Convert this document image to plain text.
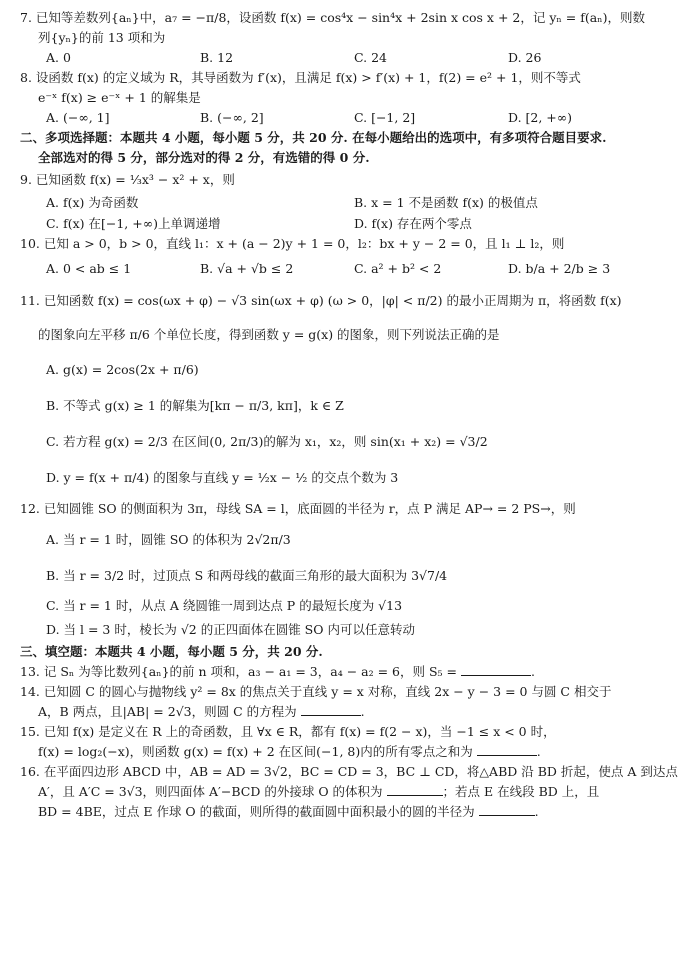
7. 已知等差数列{aₙ}中，a₇ = −π/8，设函数 f(x) = cos⁴x − sin⁴x + 2sin x cos x + 2，记 yₙ = f(aₙ)，则数
列{yₙ}的前 13 项和为
A. 0	B. 12	C. 24	D. 26
8. 设函数 f(x) 的定义域为 R，其导函数为 f′(x)，且满足 f(x) > f′(x) + 1，f(2) = e² + 1，则不等式
e⁻ˣ f(x) ≥ e⁻ˣ + 1 的解集是
A. (−∞, 1]	B. (−∞, 2]	C. [−1, 2]	D. [2, +∞)
二、多项选择题：本题共 4 小题，每小题 5 分，共 20 分. 在每小题给出的选项中，有多项符合题目要求.
全部选对的得 5 分，部分选对的得 2 分，有选错的得 0 分.
9. 已知函数 f(x) = ⅓x³ − x² + x，则
A. f(x) 为奇函数	B. x = 1 不是函数 f(x) 的极值点
C. f(x) 在[−1, +∞)上单调递增	D. f(x) 存在两个零点
10. 已知 a > 0，b > 0，直线 l₁：x + (a − 2)y + 1 = 0，l₂：bx + y − 2 = 0，且 l₁ ⊥ l₂，则
A. 0 < ab ≤ 1	B. √a + √b ≤ 2	C. a² + b² < 2	D. b/a + 2/b ≥ 3
11. 已知函数 f(x) = cos(ωx + φ) − √3 sin(ωx + φ) (ω > 0，|φ| < π/2) 的最小正周期为 π，将函数 f(x)
的图象向左平移 π/6 个单位长度，得到函数 y = g(x) 的图象，则下列说法正确的是
A. g(x) = 2cos(2x + π/6)
B. 不等式 g(x) ≥ 1 的解集为[kπ − π/3, kπ]，k ∈ Z
C. 若方程 g(x) = 2/3 在区间(0, 2π/3)的解为 x₁，x₂，则 sin(x₁ + x₂) = √3/2
D. y = f(x + π/4) 的图象与直线 y = ½x − ½ 的交点个数为 3
12. 已知圆锥 SO 的侧面积为 3π，母线 SA = l，底面圆的半径为 r，点 P 满足 AP→ = 2 PS→，则
A. 当 r = 1 时，圆锥 SO 的体积为 2√2π/3
B. 当 r = 3/2 时，过顶点 S 和两母线的截面三角形的最大面积为 3√7/4
C. 当 r = 1 时，从点 A 绕圆锥一周到达点 P 的最短长度为 √13
D. 当 l = 3 时，棱长为 √2 的正四面体在圆锥 SO 内可以任意转动
三、填空题：本题共 4 小题，每小题 5 分，共 20 分.
13. 记 Sₙ 为等比数列{aₙ}的前 n 项和，a₃ − a₁ = 3，a₄ − a₂ = 6，则 S₅ =	.
14. 已知圆 C 的圆心与抛物线 y² = 8x 的焦点关于直线 y = x 对称，直线 2x − y − 3 = 0 与圆 C 相交于
A，B 两点，且|AB| = 2√3，则圆 C 的方程为	.
15. 已知 f(x) 是定义在 R 上的奇函数，且 ∀x ∈ R，都有 f(x) = f(2 − x)，当 −1 ≤ x < 0 时，
f(x) = log₂(−x)，则函数 g(x) = f(x) + 2 在区间(−1, 8)内的所有零点之和为	.
16. 在平面四边形 ABCD 中，AB = AD = 3√2，BC = CD = 3，BC ⊥ CD，将△ABD 沿 BD 折起，使点 A 到达点
A′，且 A′C = 3√3，则四面体 A′−BCD 的外接球 O 的体积为	；若点 E 在线段 BD 上，且
BD = 4BE，过点 E 作球 O 的截面，则所得的截面圆中面积最小的圆的半径为	.
